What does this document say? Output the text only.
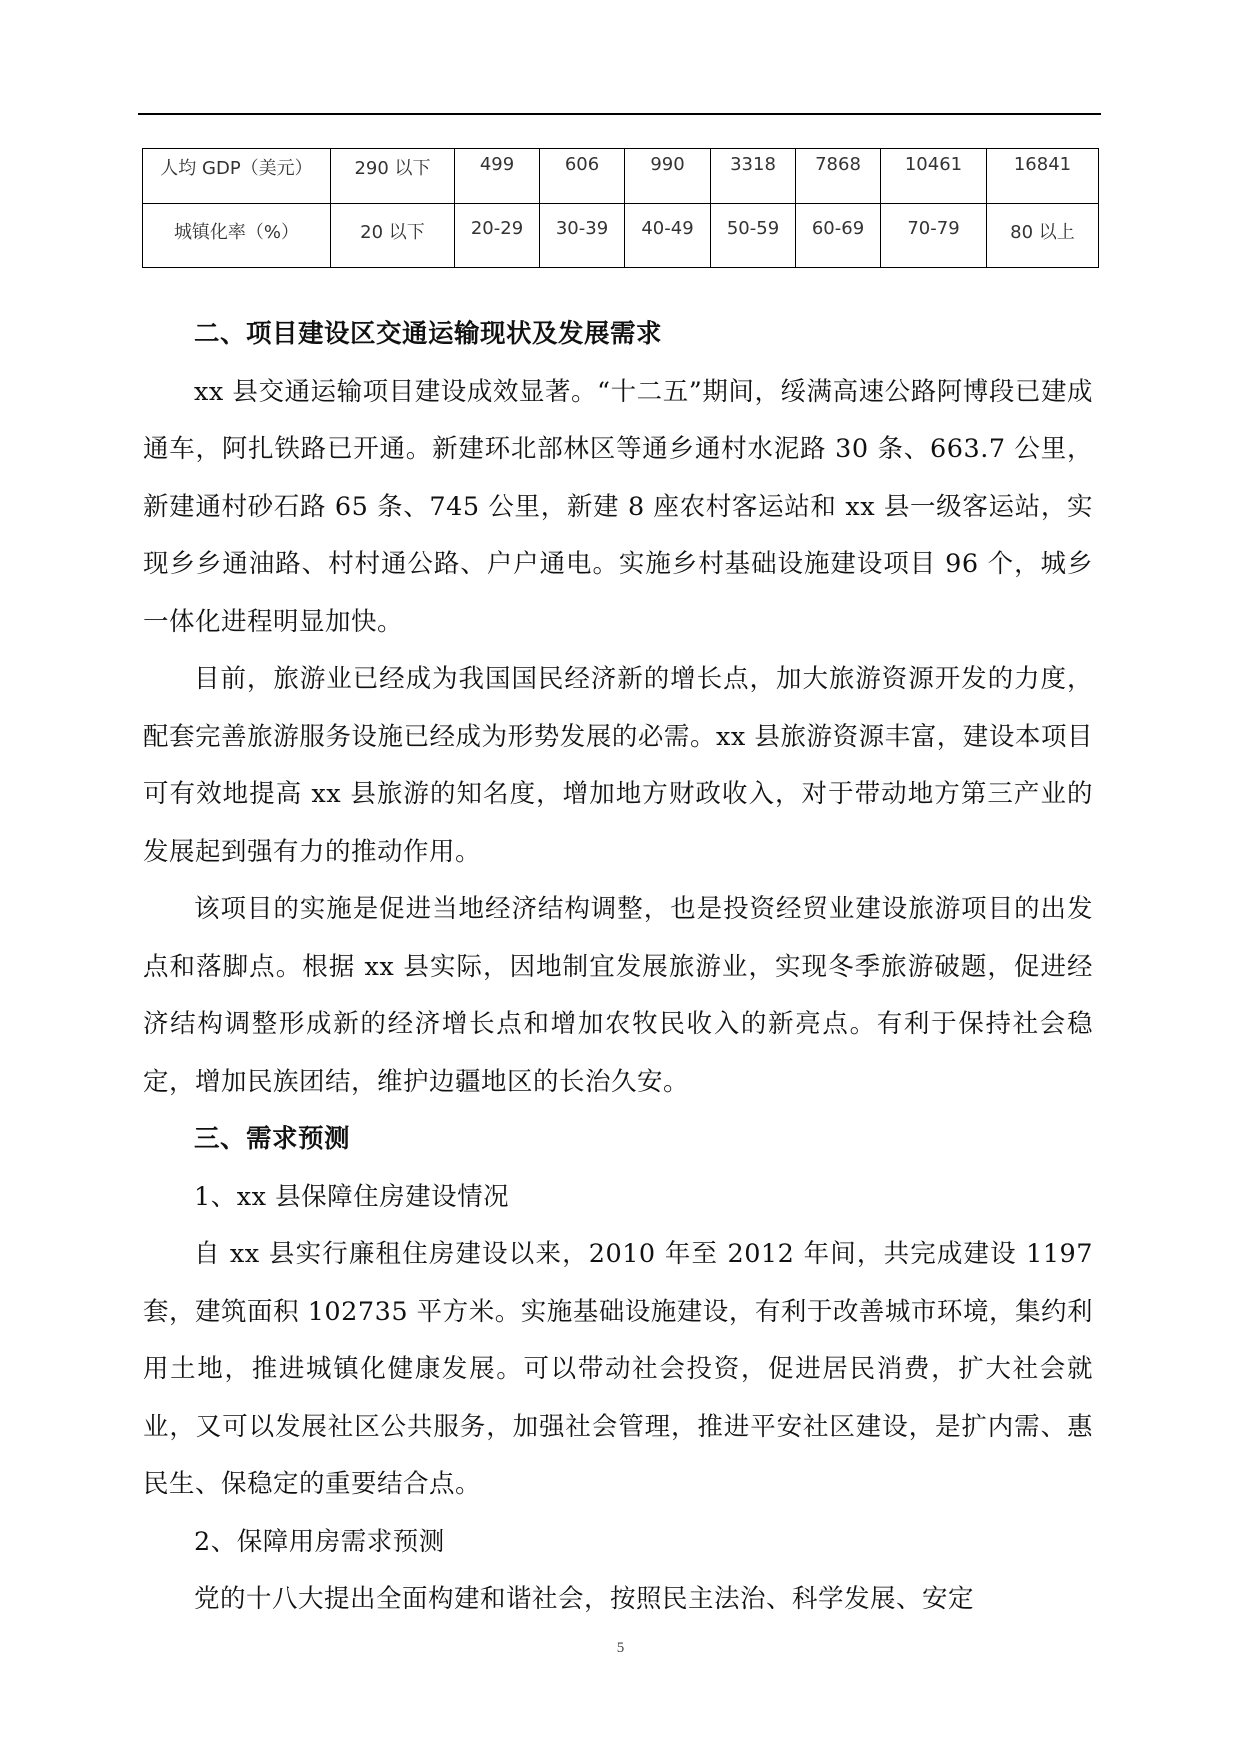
人均 GDP（美元）	290 以下	499	606	990	3318	7868	10461	16841
城镇化率（%）	20 以下	20-29	30-39	40-49	50-59	60-69	70-79	80 以上

二、项目建设区交通运输现状及发展需求

xx 县交通运输项目建设成效显著。“十二五”期间，绥满高速公路阿博段已建成通车，阿扎铁路已开通。新建环北部林区等通乡通村水泥路 30 条、663.7 公里，新建通村砂石路 65 条、745 公里，新建 8 座农村客运站和 xx 县一级客运站，实现乡乡通油路、村村通公路、户户通电。实施乡村基础设施建设项目 96 个，城乡一体化进程明显加快。

目前，旅游业已经成为我国国民经济新的增长点，加大旅游资源开发的力度，配套完善旅游服务设施已经成为形势发展的必需。xx 县旅游资源丰富，建设本项目可有效地提高 xx 县旅游的知名度，增加地方财政收入，对于带动地方第三产业的发展起到强有力的推动作用。

该项目的实施是促进当地经济结构调整，也是投资经贸业建设旅游项目的出发点和落脚点。根据 xx 县实际，因地制宜发展旅游业，实现冬季旅游破题，促进经济结构调整形成新的经济增长点和增加农牧民收入的新亮点。有利于保持社会稳定，增加民族团结，维护边疆地区的长治久安。

三、需求预测

1、xx 县保障住房建设情况

自 xx 县实行廉租住房建设以来，2010 年至 2012 年间，共完成建设 1197 套，建筑面积 102735 平方米。实施基础设施建设，有利于改善城市环境，集约利用土地，推进城镇化健康发展。可以带动社会投资，促进居民消费，扩大社会就业，又可以发展社区公共服务，加强社会管理，推进平安社区建设，是扩内需、惠民生、保稳定的重要结合点。

2、保障用房需求预测

党的十八大提出全面构建和谐社会，按照民主法治、科学发展、安定

5
